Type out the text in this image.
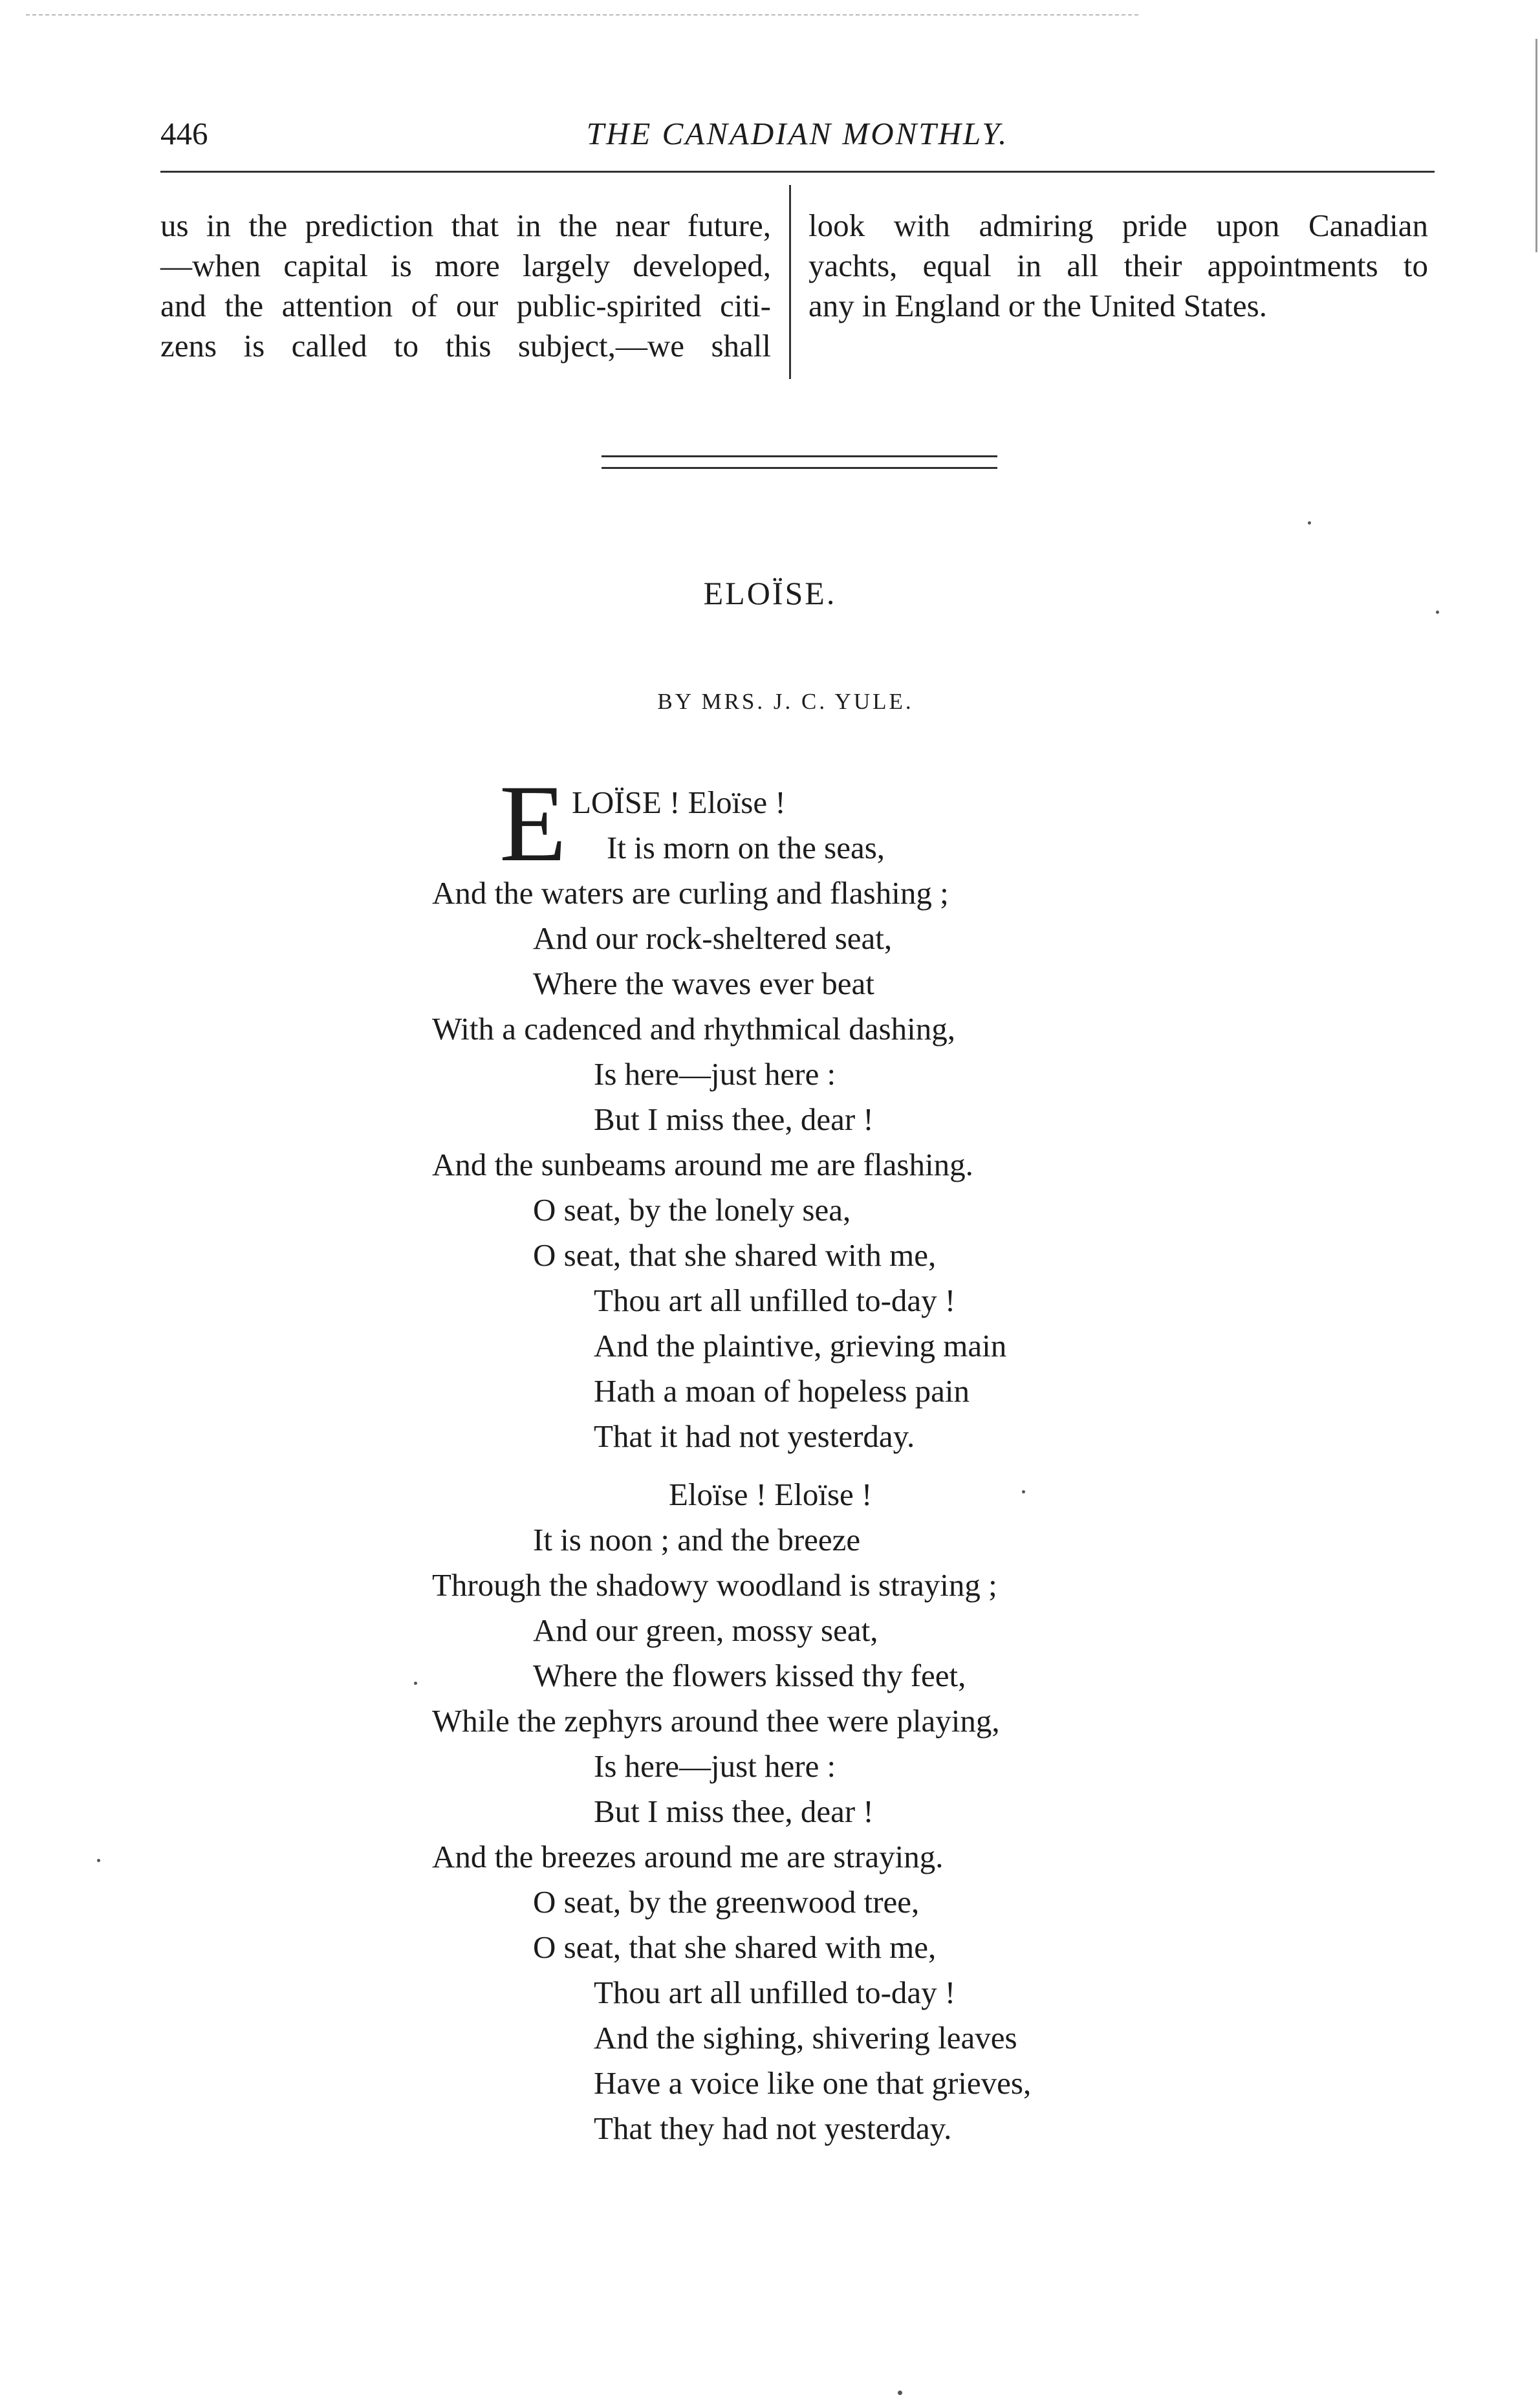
446	THE CANADIAN MONTHLY.
us in the prediction that in the near future,
—when capital is more largely developed,
and the attention of our public-spirited citi-
zens is called to this subject,—we shall
look with admiring pride upon Canadian
yachts, equal in all their appointments to
any in England or the United States.
ELOÏSE.
BY MRS. J. C. YULE.
E LOÏSE ! Eloïse !
It is morn on the seas,
And the waters are curling and flashing ;
And our rock-sheltered seat,
Where the waves ever beat
With a cadenced and rhythmical dashing,
Is here—just here :
But I miss thee, dear !
And the sunbeams around me are flashing.
O seat, by the lonely sea,
O seat, that she shared with me,
Thou art all unfilled to-day !
And the plaintive, grieving main
Hath a moan of hopeless pain
That it had not yesterday.
Eloïse ! Eloïse !
It is noon ; and the breeze
Through the shadowy woodland is straying ;
And our green, mossy seat,
Where the flowers kissed thy feet,
While the zephyrs around thee were playing,
Is here—just here :
But I miss thee, dear !
And the breezes around me are straying.
O seat, by the greenwood tree,
O seat, that she shared with me,
Thou art all unfilled to-day !
And the sighing, shivering leaves
Have a voice like one that grieves,
That they had not yesterday.
